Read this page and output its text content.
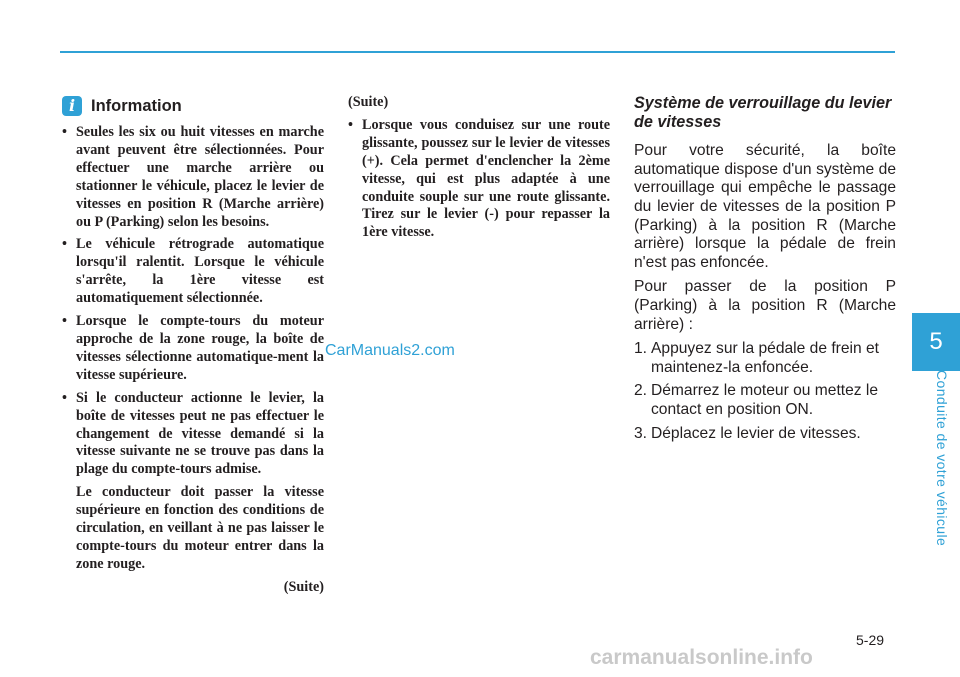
5
Conduite de votre véhicule
i Information

• Seules les six ou huit vitesses en marche avant peuvent être sélectionnées. Pour effectuer une marche arrière ou stationner le véhicule, placez le levier de vitesses en position R (Marche arrière) ou P (Parking) selon les besoins.

• Le véhicule rétrograde automatique lorsqu'il ralentit. Lorsque le véhicule s'arrête, la 1ère vitesse est automatiquement sélectionnée.

• Lorsque le compte-tours du moteur approche de la zone rouge, la boîte de vitesses sélectionne automatique-ment la vitesse supérieure.

• Si le conducteur actionne le levier, la boîte de vitesses peut ne pas effectuer le changement de vitesse demandé si la vitesse suivante ne se trouve pas dans la plage du compte-tours admise.

Le conducteur doit passer la vitesse supérieure en fonction des conditions de circulation, en veillant à ne pas laisser le compte-tours du moteur entrer dans la zone rouge.

(Suite)

(Suite)

• Lorsque vous conduisez sur une route glissante, poussez sur le levier de vitesses (+). Cela permet d'enclencher la 2ème vitesse, qui est plus adaptée à une conduite souple sur une route glissante. Tirez sur le levier (-) pour repasser la 1ère vitesse.

Système de verrouillage du levier de vitesses

Pour votre sécurité, la boîte automatique dispose d'un système de verrouillage qui empêche le passage du levier de vitesses de la position P (Parking) à la position R (Marche arrière) lorsque la pédale de frein n'est pas enfoncée.

Pour passer de la position P (Parking) à la position R (Marche arrière) :

1. Appuyez sur la pédale de frein et maintenez-la enfoncée.
2. Démarrez le moteur ou mettez le contact en position ON.
3. Déplacez le levier de vitesses.
CarManuals2.com
5-29
carmanualsonline.info
